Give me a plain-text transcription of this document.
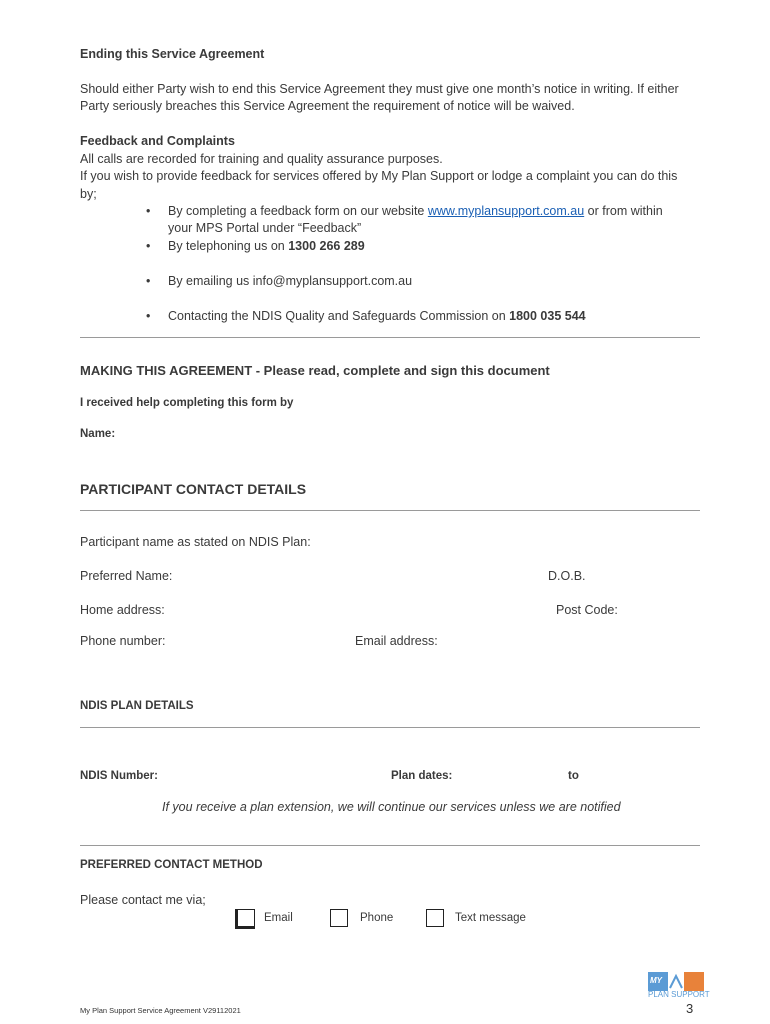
Ending this Service Agreement
Should either Party wish to end this Service Agreement they must give one month’s notice in writing. If either
Party seriously breaches this Service Agreement the requirement of notice will be waived.
Feedback and Complaints
All calls are recorded for training and quality assurance purposes.
If you wish to provide feedback for services offered by My Plan Support or lodge a complaint you can do this
by;
• By completing a feedback form on our website www.myplansupport.com.au or from within
your MPS Portal under “Feedback”
• By telephoning us on 1300 266 289
• By emailing us info@myplansupport.com.au
• Contacting the NDIS Quality and Safeguards Commission on 1800 035 544
MAKING THIS AGREEMENT - Please read, complete and sign this document
I received help completing this form by
Name:
PARTICIPANT CONTACT DETAILS
Participant name as stated on NDIS Plan:
Preferred Name:	D.O.B.
Home address:	Post Code:
Phone number:	Email address:
NDIS PLAN DETAILS
NDIS Number:	Plan dates:	to
If you receive a plan extension, we will continue our services unless we are notified
PREFERRED CONTACT METHOD
Please contact me via;
Email	Phone	Text message
MY
PLAN SUPPORT
My Plan Support Service Agreement V29112021	3
